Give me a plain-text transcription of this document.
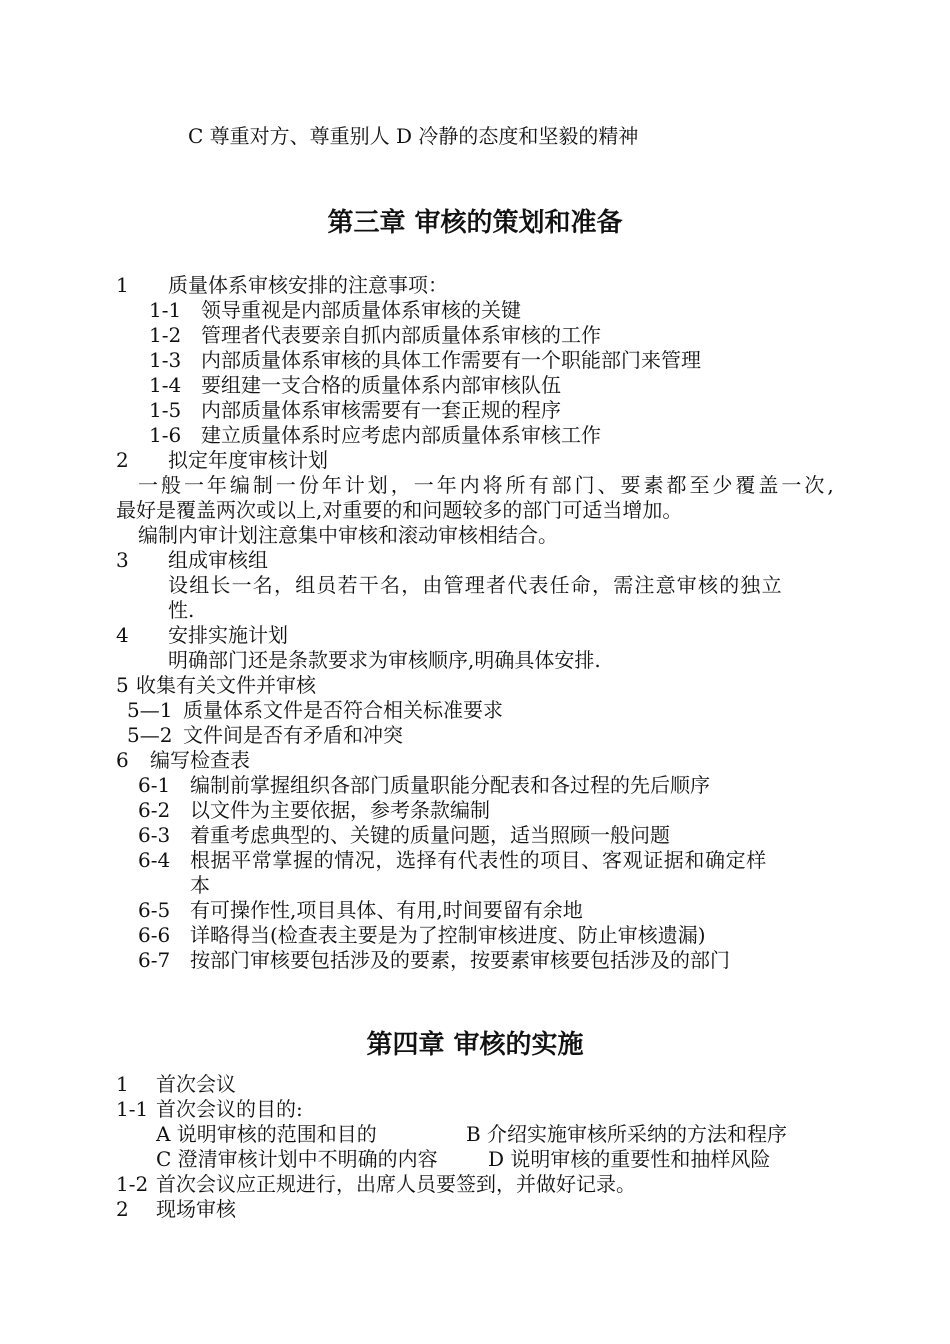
C 尊重对方、尊重别人 D 冷静的态度和坚毅的精神
第三章 审核的策划和准备
1 质量体系审核安排的注意事项：
1-1 领导重视是内部质量体系审核的关键
1-2 管理者代表要亲自抓内部质量体系审核的工作
1-3 内部质量体系审核的具体工作需要有一个职能部门来管理
1-4 要组建一支合格的质量体系内部审核队伍
1-5 内部质量体系审核需要有一套正规的程序
1-6 建立质量体系时应考虑内部质量体系审核工作
2 拟定年度审核计划
一般一年编制一份年计划，一年内将所有部门、要素都至少覆盖一次,
最好是覆盖两次或以上,对重要的和问题较多的部门可适当增加。
编制内审计划注意集中审核和滚动审核相结合。
3 组成审核组
设组长一名，组员若干名，由管理者代表任命，需注意审核的独立
性.
4 安排实施计划
明确部门还是条款要求为审核顺序,明确具体安排.
5 收集有关文件并审核
5—1 质量体系文件是否符合相关标准要求
5—2 文件间是否有矛盾和冲突
6 编写检查表
6-1 编制前掌握组织各部门质量职能分配表和各过程的先后顺序
6-2 以文件为主要依据，参考条款编制
6-3 着重考虑典型的、关键的质量问题，适当照顾一般问题
6-4 根据平常掌握的情况，选择有代表性的项目、客观证据和确定样
本
6-5 有可操作性,项目具体、有用,时间要留有余地
6-6 详略得当(检查表主要是为了控制审核进度、防止审核遗漏)
6-7 按部门审核要包括涉及的要素，按要素审核要包括涉及的部门
第四章 审核的实施
1 首次会议
1-1 首次会议的目的:
A 说明审核的范围和目的	B 介绍实施审核所采纳的方法和程序
C 澄清审核计划中不明确的内容	D 说明审核的重要性和抽样风险
1-2 首次会议应正规进行，出席人员要签到，并做好记录。
2 现场审核
